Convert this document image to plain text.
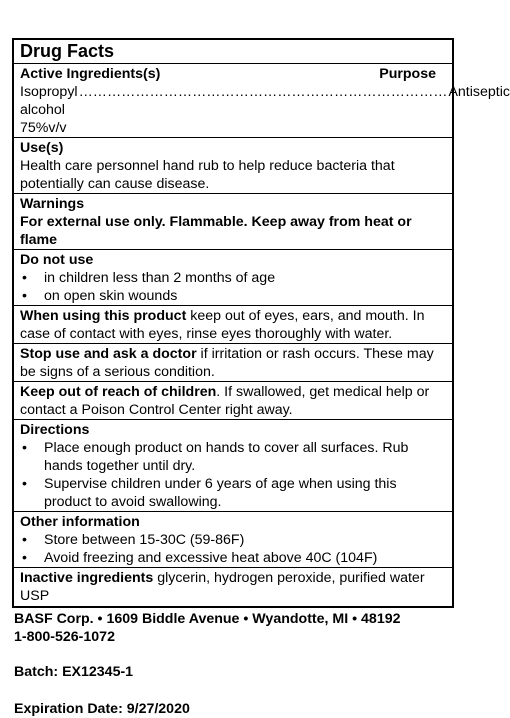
Drug Facts
Active Ingredients(s)	Purpose
Isopropyl alcohol 75%v/v
…………………………………………………………………… Antiseptic
Use(s)
Health care personnel hand rub to help reduce bacteria that potentially can cause disease.
Warnings
For external use only. Flammable. Keep away from heat or flame
Do not use
• in children less than 2 months of age
• on open skin wounds
When using this product keep out of eyes, ears, and mouth. In case of contact with eyes, rinse eyes thoroughly with water.
Stop use and ask a doctor if irritation or rash occurs. These may be signs of a serious condition.
Keep out of reach of children. If swallowed, get medical help or contact a Poison Control Center right away.
Directions
• Place enough product on hands to cover all surfaces. Rub hands together until dry.
• Supervise children under 6 years of age when using this product to avoid swallowing.
Other information
• Store between 15-30C (59-86F)
• Avoid freezing and excessive heat above 40C (104F)
Inactive ingredients glycerin, hydrogen peroxide, purified water USP
BASF Corp. • 1609 Biddle Avenue • Wyandotte, MI • 48192
1-800-526-1072
Batch: EX12345-1
Expiration Date: 9/27/2020
